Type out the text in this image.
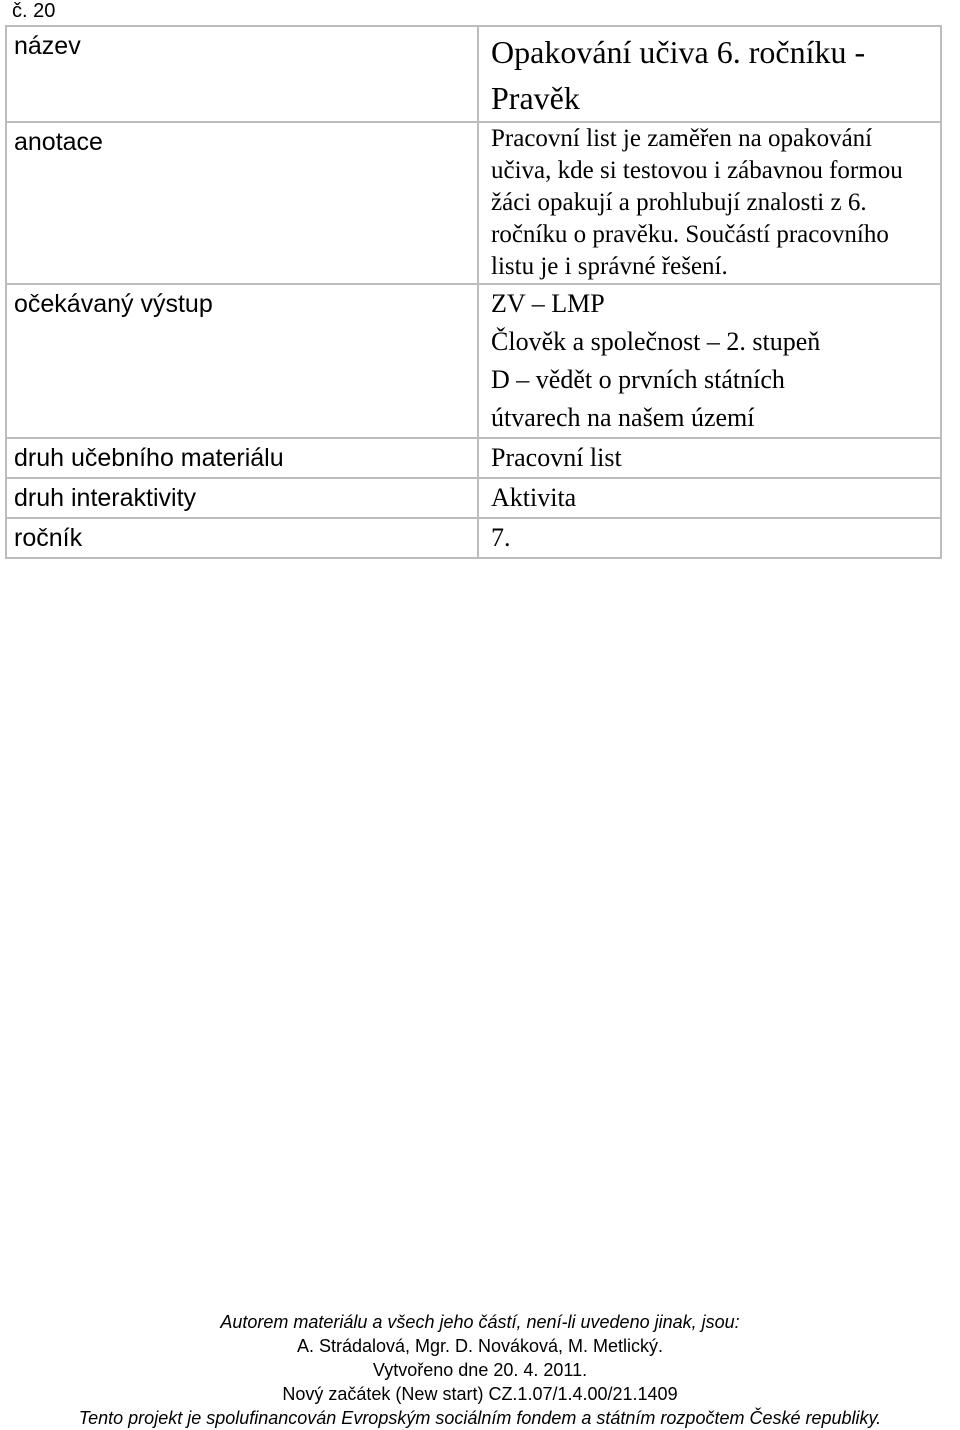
č. 20
název	Opakování učiva 6. ročníku - Pravěk

anotace	Pracovní list je zaměřen na opakování učiva, kde si testovou i zábavnou formou žáci opakují a prohlubují znalosti z 6. ročníku o pravěku. Součástí pracovního listu je i správné řešení.

očekávaný výstup	ZV – LMP
Člověk a společnost – 2. stupeň
D – vědět o prvních státních útvarech na našem území

druh učebního materiálu	Pracovní list
druh interaktivity	Aktivita
ročník	7.
Autorem materiálu a všech jeho částí, není-li uvedeno jinak, jsou:
A. Strádalová, Mgr. D. Nováková, M. Metlický.
Vytvořeno dne 20. 4. 2011.
Nový začátek (New start) CZ.1.07/1.4.00/21.1409
Tento projekt je spolufinancován Evropským sociálním fondem a státním rozpočtem České republiky.
